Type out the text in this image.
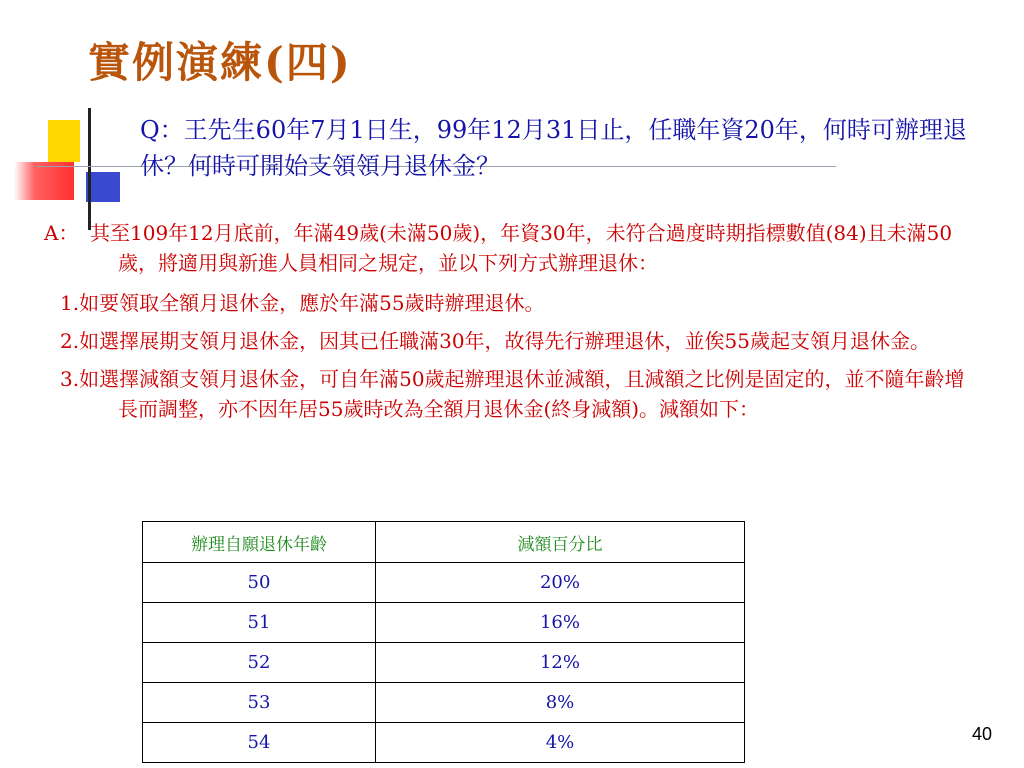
實例演練(四)
Q：王先生60年7月1日生，99年12月31日止，任職年資20年，何時可辦理退休？何時可開始支領領月退休金？
A： 其至109年12月底前，年滿49歲(未滿50歲)，年資30年，未符合過度時期指標數值(84)且未滿50歲，將適用與新進人員相同之規定，並以下列方式辦理退休：
1.如要領取全額月退休金，應於年滿55歲時辦理退休。
2.如選擇展期支領月退休金，因其已任職滿30年，故得先行辦理退休，並俟55歲起支領月退休金。
3.如選擇減額支領月退休金，可自年滿50歲起辦理退休並減額，且減額之比例是固定的，並不隨年齡增長而調整，亦不因年居55歲時改為全額月退休金(終身減額)。減額如下：
辦理自願退休年齡	減額百分比
50	20%
51	16%
52	12%
53	8%
54	4%	40
